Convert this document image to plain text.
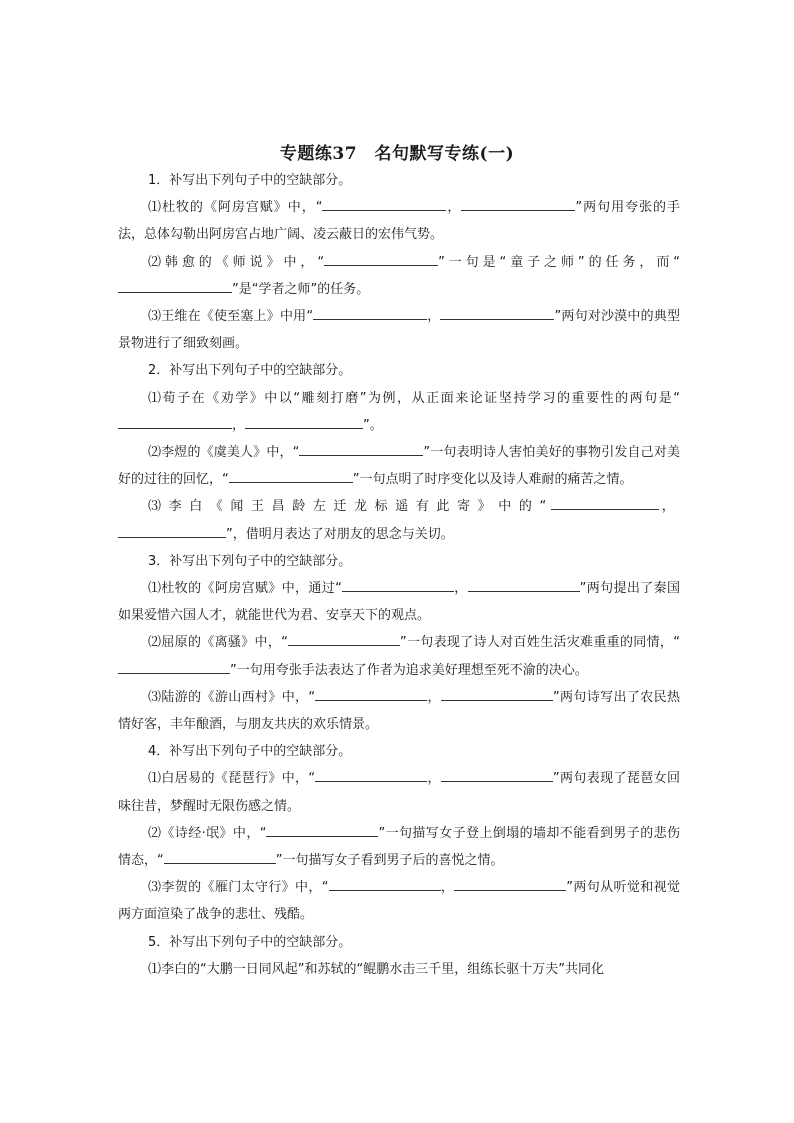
专题练37　名句默写专练(一)

1．补写出下列句子中的空缺部分。

⑴杜牧的《阿房宫赋》中，“	，	”两句用夸张的手法，总体勾勒出阿房宫占地广阔、凌云蔽日的宏伟气势。

⑵韩愈的《师说》中，“	”一句是“童子之师”的任务，而“”是“学者之师”的任务。

⑶王维在《使至塞上》中用“	，	”两句对沙漠中的典型景物进行了细致刻画。

2．补写出下列句子中的空缺部分。

⑴荀子在《劝学》中以“雕刻打磨”为例，从正面来论证坚持学习的重要性的两句是“，	”。

⑵李煜的《虞美人》中，“	”一句表明诗人害怕美好的事物引发自己对美好的过往的回忆，“	”一句点明了时序变化以及诗人难耐的痛苦之情。

⑶李白《闻王昌龄左迁龙标遥有此寄》中的“	，”，借明月表达了对朋友的思念与关切。

3．补写出下列句子中的空缺部分。

⑴杜牧的《阿房宫赋》中，通过“	，	”两句提出了秦国如果爱惜六国人才，就能世代为君、安享天下的观点。

⑵屈原的《离骚》中，“	”一句表现了诗人对百姓生活灾难重重的同情，“”一句用夸张手法表达了作者为追求美好理想至死不渝的决心。

⑶陆游的《游山西村》中，“	，	”两句诗写出了农民热情好客，丰年酿酒，与朋友共庆的欢乐情景。

4．补写出下列句子中的空缺部分。

⑴白居易的《琵琶行》中，“	，	”两句表现了琵琶女回味往昔，梦醒时无限伤感之情。

⑵《诗经·氓》中，“	”一句描写女子登上倒塌的墙却不能看到男子的悲伤情态，“	”一句描写女子看到男子后的喜悦之情。

⑶李贺的《雁门太守行》中，“	，	”两句从听觉和视觉两方面渲染了战争的悲壮、残酷。

5．补写出下列句子中的空缺部分。

⑴李白的“大鹏一日同风起”和苏轼的“鲲鹏水击三千里，组练长驱十万夫”共同化
